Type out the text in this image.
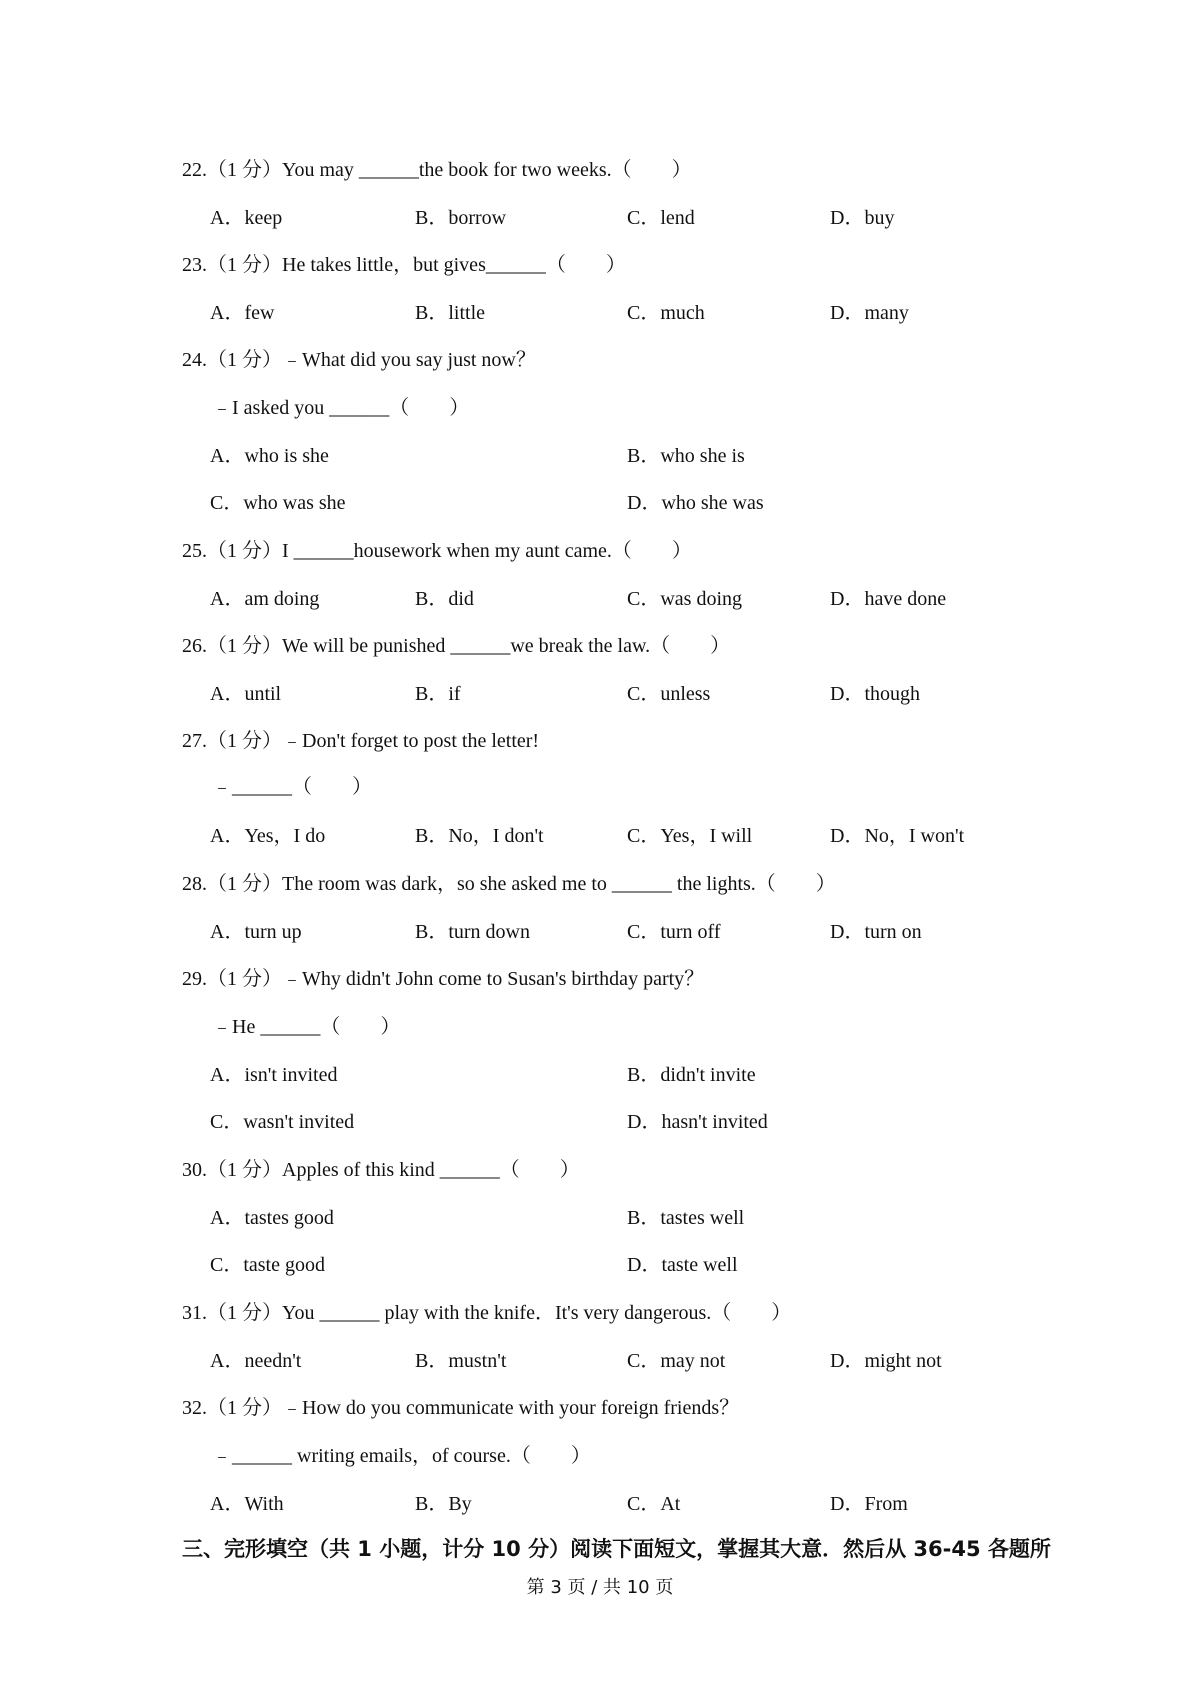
22.（1 分）You may ______the book for two weeks.（　　）
A．keep	B．borrow	C．lend	D．buy
23.（1 分）He takes little，but gives______（　　）
A．few	B．little	C．much	D．many
24.（1 分）﹣What did you say just now？
﹣I asked you ______（　　）
A．who is she	B．who she is
C．who was she	D．who she was
25.（1 分）I ______housework when my aunt came.（　　）
A．am doing	B．did	C．was doing	D．have done
26.（1 分）We will be punished ______we break the law.（　　）
A．until	B．if	C．unless	D．though
27.（1 分）﹣Don't forget to post the letter!
﹣______（　　）
A．Yes，I do	B．No，I don't	C．Yes，I will	D．No，I won't
28.（1 分）The room was dark，so she asked me to ______ the lights.（　　）
A．turn up	B．turn down	C．turn off	D．turn on
29.（1 分）﹣Why didn't John come to Susan's birthday party？
﹣He ______（　　）
A．isn't invited	B．didn't invite
C．wasn't invited	D．hasn't invited
30.（1 分）Apples of this kind ______（　　）
A．tastes good	B．tastes well
C．taste good	D．taste well
31.（1 分）You ______ play with the knife．It's very dangerous.（　　）
A．needn't	B．mustn't	C．may not	D．might not
32.（1 分）﹣How do you communicate with your foreign friends？
﹣______ writing emails，of course.（　　）
A．With	B．By	C．At	D．From
三、完形填空（共 1 小题，计分 10 分）阅读下面短文，掌握其大意．然后从 36-45 各题所
第 3 页 / 共 10 页
